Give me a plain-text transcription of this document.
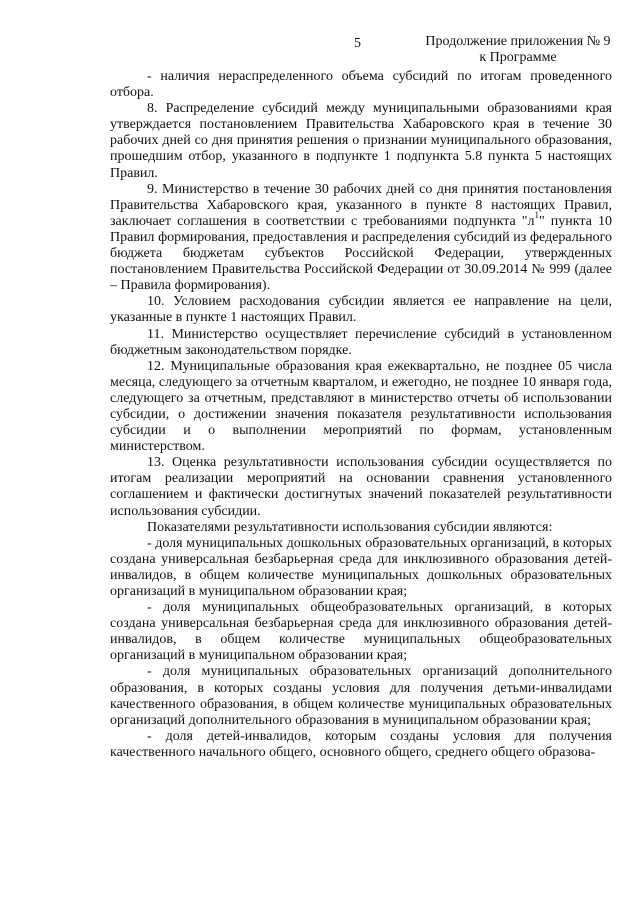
5	Продолжение приложения № 9
к Программе

- наличия нераспределенного объема субсидий по итогам проведенного отбора.

8. Распределение субсидий между муниципальными образованиями края утверждается постановлением Правительства Хабаровского края в течение 30 рабочих дней со дня принятия решения о признании муниципального образования, прошедшим отбор, указанного в подпункте 1 подпункта 5.8 пункта 5 настоящих Правил.

9. Министерство в течение 30 рабочих дней со дня принятия постановления Правительства Хабаровского края, указанного в пункте 8 настоящих Правил, заключает соглашения в соответствии с требованиями подпункта "$л^1$" пункта 10 Правил формирования, предоставления и распределения субсидий из федерального бюджета бюджетам субъектов Российской Федерации, утвержденных постановлением Правительства Российской Федерации от 30.09.2014 № 999 (далее – Правила формирования).

10. Условием расходования субсидии является ее направление на цели, указанные в пункте 1 настоящих Правил.

11. Министерство осуществляет перечисление субсидий в установленном бюджетным законодательством порядке.

12. Муниципальные образования края ежеквартально, не позднее 05 числа месяца, следующего за отчетным кварталом, и ежегодно, не позднее 10 января года, следующего за отчетным, представляют в министерство отчеты об использовании субсидии, о достижении значения показателя результативности использования субсидии и о выполнении мероприятий по формам, установленным министерством.

13. Оценка результативности использования субсидии осуществляется по итогам реализации мероприятий на основании сравнения установленного соглашением и фактически достигнутых значений показателей результативности использования субсидии.

Показателями результативности использования субсидии являются:

- доля муниципальных дошкольных образовательных организаций, в которых создана универсальная безбарьерная среда для инклюзивного образования детей-инвалидов, в общем количестве муниципальных дошкольных образовательных организаций в муниципальном образовании края;

- доля муниципальных общеобразовательных организаций, в которых создана универсальная безбарьерная среда для инклюзивного образования детей-инвалидов, в общем количестве муниципальных общеобразовательных организаций в муниципальном образовании края;

- доля муниципальных образовательных организаций дополнительного образования, в которых созданы условия для получения детьми-инвалидами качественного образования, в общем количестве муниципальных образовательных организаций дополнительного образования в муниципальном образовании края;

- доля детей-инвалидов, которым созданы условия для получения качественного начального общего, основного общего, среднего общего образова-
